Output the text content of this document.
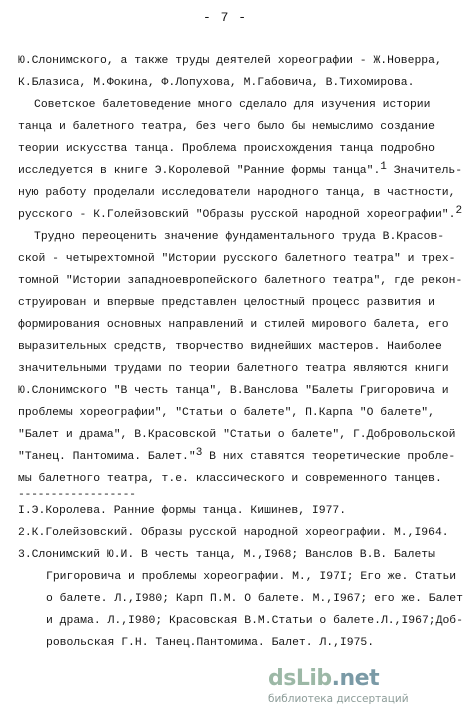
- 7 -
Ю.Слонимского, а также труды деятелей хореографии - Ж.Новерра,
К.Блазиса, М.Фокина, Ф.Лопухова, М.Габовича, В.Тихомирова.
Советское балетоведение много сделало для изучения истории
танца и балетного театра, без чего было бы немыслимо создание
теории искусства танца. Проблема происхождения танца подробно
исследуется в книге Э.Королевой "Ранние формы танца".$^1$ Значитель-
ную работу проделали исследователи народного танца, в частности,
русского - К.Голейзовский "Образы русской народной хореографии".$^2$
Трудно переоценить значение фундаментального труда В.Красов-
ской - четырехтомной "Истории русского балетного театра" и трех-
томной "Истории западноевропейского балетного театра", где рекон-
струирован и впервые представлен целостный процесс развития и
формирования основных направлений и стилей мирового балета, его
выразительных средств, творчество виднейших мастеров. Наиболее
значительными трудами по теории балетного театра являются книги
Ю.Слонимского "В честь танца", В.Ванслова "Балеты Григоровича и
проблемы хореографии", "Статьи о балете", П.Карпа "О балете",
"Балет и драма", В.Красовской "Статьи о балете", Г.Добровольской
"Танец. Пантомима. Балет."$^3$ В них ставятся теоретические пробле-
мы балетного театра, т.е. классического и современного танцев.
------------------
I.Э.Королева. Ранние формы танца. Кишинев, I977.
2.К.Голейзовский. Образы русской народной хореографии. М.,I964.
3.Слонимский Ю.И. В честь танца, М.,I968; Ванслов В.В. Балеты
Григоровича и проблемы хореографии. М., I97I; Его же. Статьи
о балете. Л.,I980; Карп П.М. О балете. М.,I967; его же. Балет
и драма. Л.,I980; Красовская В.М.Статьи о балете.Л.,I967;Доб-
ровольская Г.Н. Танец.Пантомима. Балет. Л.,I975.
dsLib.net
библиотека диссертаций
